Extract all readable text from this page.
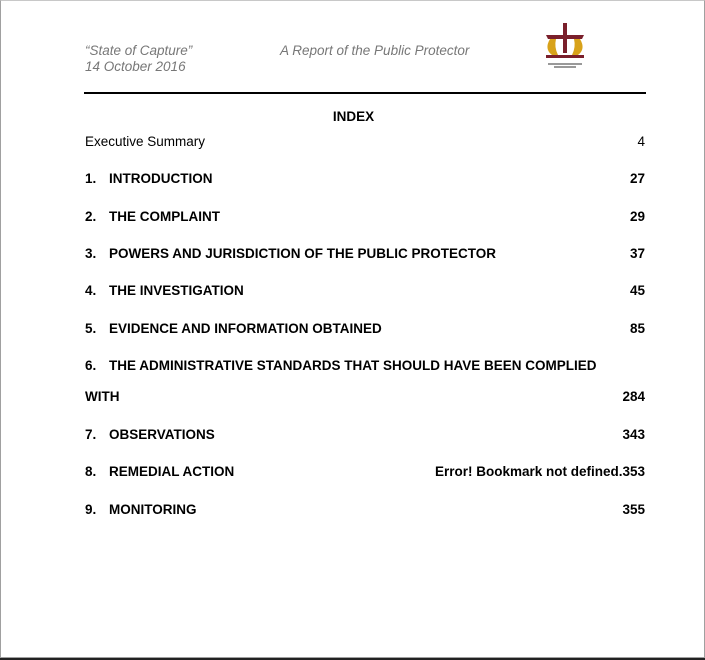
“State of Capture”
14 October 2016
A Report of the Public Protector
INDEX
Executive Summary	4
1. INTRODUCTION	27
2. THE COMPLAINT	29
3. POWERS AND JURISDICTION OF THE PUBLIC PROTECTOR	37
4. THE INVESTIGATION	45
5. EVIDENCE AND INFORMATION OBTAINED	85
6. THE ADMINISTRATIVE STANDARDS THAT SHOULD HAVE BEEN COMPLIED
WITH	284
7. OBSERVATIONS	343
8. REMEDIAL ACTION	Error! Bookmark not defined.353
9. MONITORING	355
